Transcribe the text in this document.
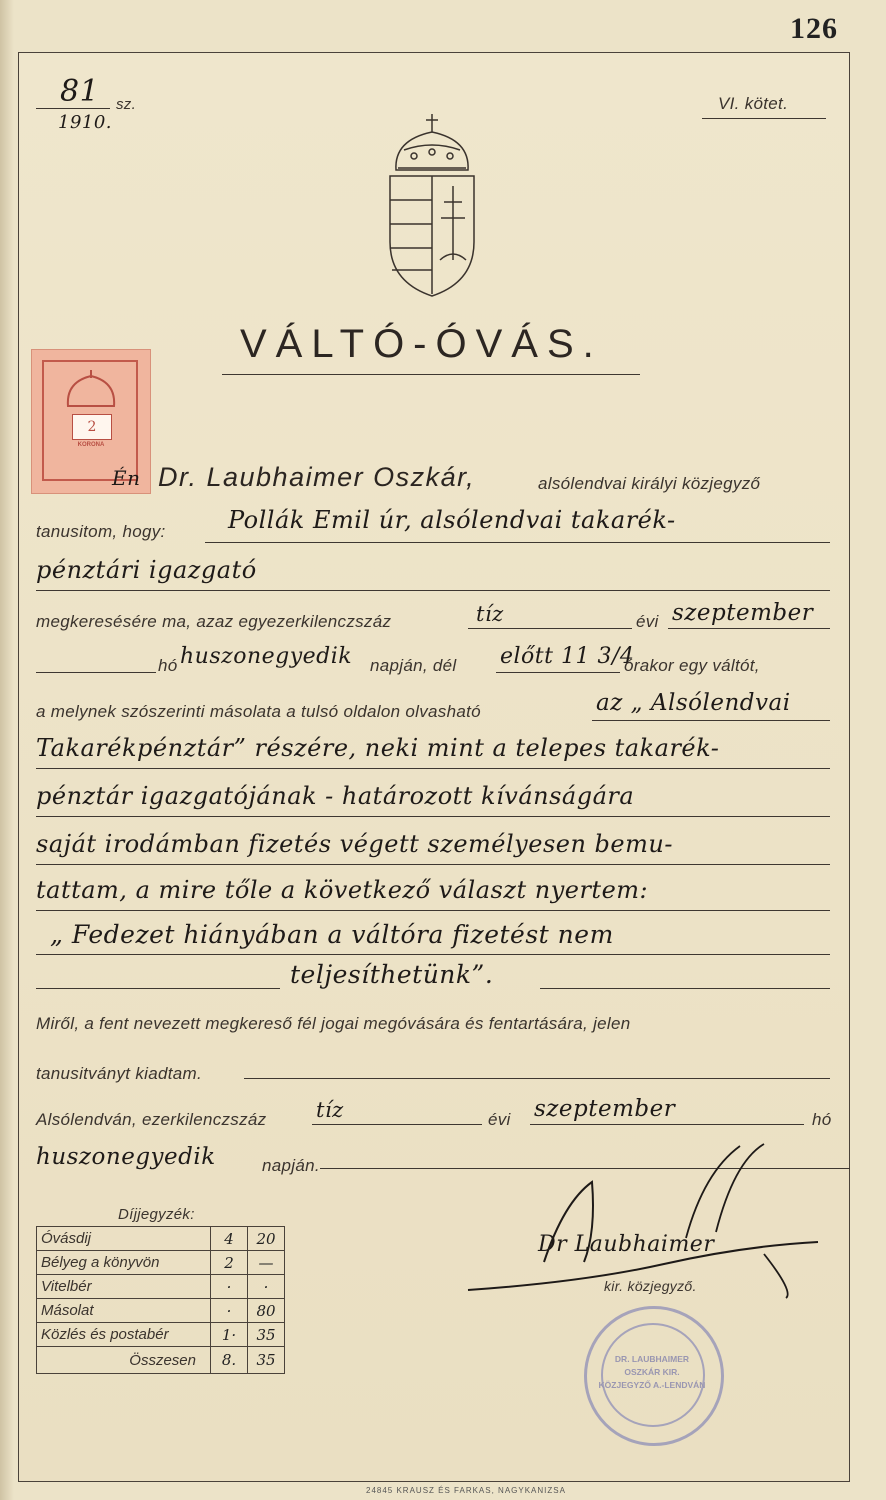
126
81 sz.
1910.
VI. kötet.
VÁLTÓ-ÓVÁS.
2
KORONA
Én Dr. Laubhaimer Oszkár,	alsólendvai királyi közjegyző
tanusitom, hogy:	Pollák Emil úr, alsólendvai takarék-
pénztári igazgató
megkeresésére ma, azaz egyezerkilenczszáz	tíz	évi szeptember
hó huszonegyedik napján, dél előtt 11 3/4
órakor egy váltót,
a melynek szószerinti másolata a tulsó oldalon olvasható	az „ Alsólendvai
Takarékpénztár” részére, neki mint a telepes takarék-
pénztár igazgatójának - határozott kívánságára
saját irodámban fizetés végett személyesen bemu-
tattam, a mire tőle a következő választ nyertem:
„ Fedezet hiányában a váltóra fizetést nem
teljesíthetünk”.
Miről, a fent nevezett megkereső fél jogai megóvására és fentartására, jelen
tanusitványt kiadtam.
Alsólendván, ezerkilenczszáz tíz	évi szeptember	hó
huszonegyedik	napján.
Díjjegyzék:
Óvásdij	4	20
Bélyeg a könyvön	2	—
Vitelbér	·	·
Másolat	·	80
Közlés és postabér	1·	35
Összesen	8.	35
Dr Laubhaimer
kir. közjegyző.
DR. LAUBHAIMER OSZKÁR KIR. KÖZJEGYZŐ A.-LENDVÁN
24845 KRAUSZ ÉS FARKAS, NAGYKANIZSA
